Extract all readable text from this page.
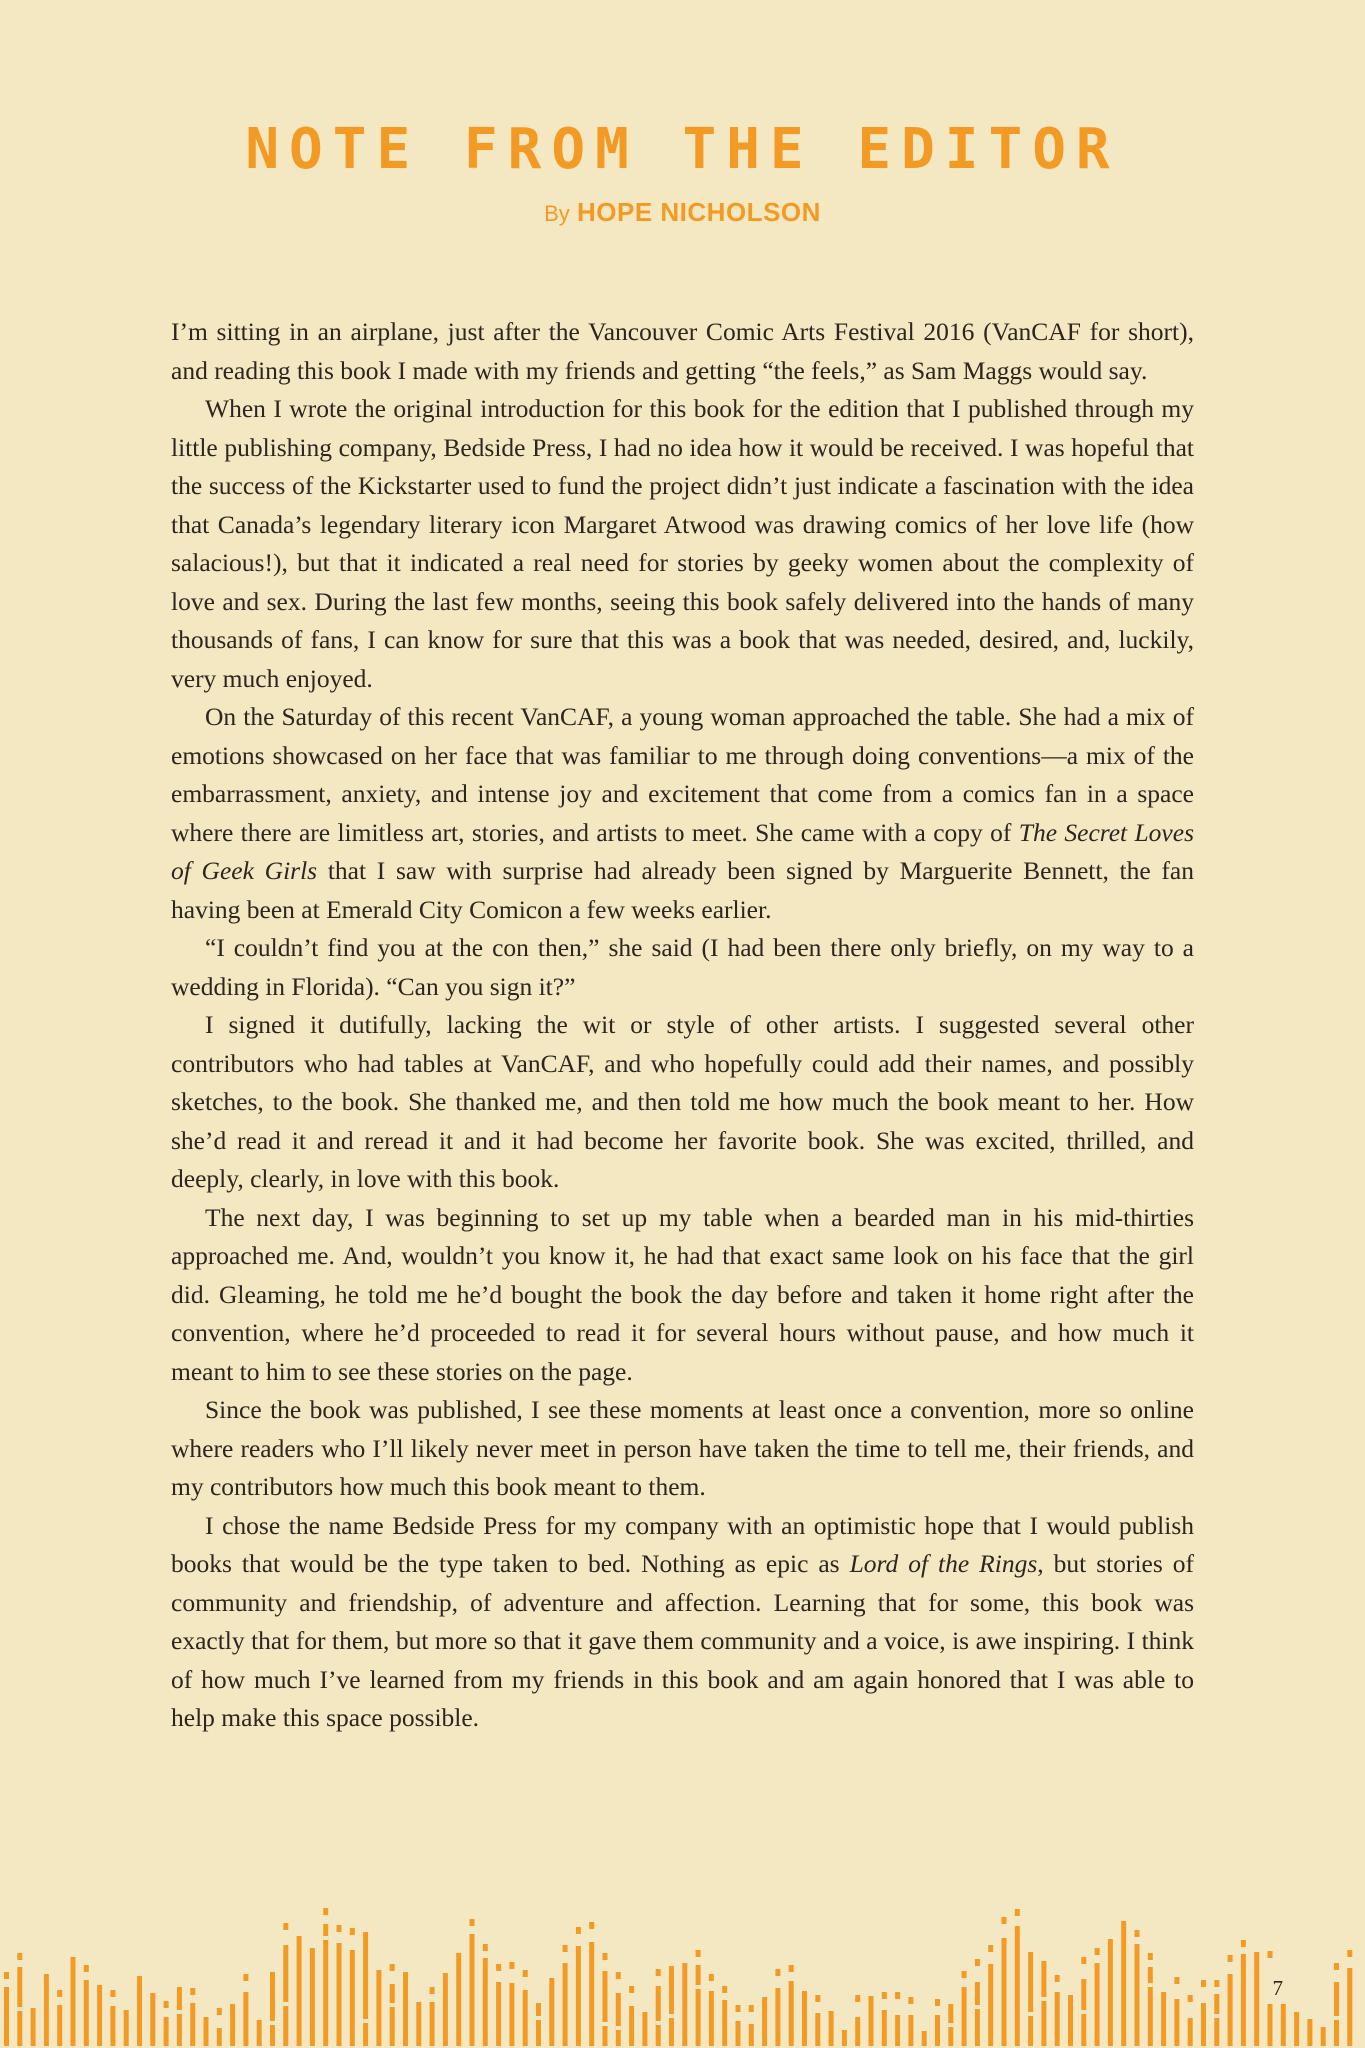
NOTE FROM THE EDITOR
By HOPE NICHOLSON

I’m sitting in an airplane, just after the Vancouver Comic Arts Festival 2016 (VanCAF for short), and reading this book I made with my friends and getting “the feels,” as Sam Maggs would say.

When I wrote the original introduction for this book for the edition that I published through my little publishing company, Bedside Press, I had no idea how it would be received. I was hopeful that the success of the Kickstarter used to fund the project didn’t just indicate a fascination with the idea that Canada’s legendary literary icon Margaret Atwood was drawing comics of her love life (how salacious!), but that it indicated a real need for stories by geeky women about the complexity of love and sex. During the last few months, seeing this book safely delivered into the hands of many thousands of fans, I can know for sure that this was a book that was needed, desired, and, luckily, very much enjoyed.

On the Saturday of this recent VanCAF, a young woman approached the table. She had a mix of emotions showcased on her face that was familiar to me through doing conventions—a mix of the embarrassment, anxiety, and intense joy and excitement that come from a comics fan in a space where there are limitless art, stories, and artists to meet. She came with a copy of The Secret Loves of Geek Girls that I saw with surprise had already been signed by Marguerite Bennett, the fan having been at Emerald City Comicon a few weeks earlier.

“I couldn’t find you at the con then,” she said (I had been there only briefly, on my way to a wedding in Florida). “Can you sign it?”

I signed it dutifully, lacking the wit or style of other artists. I suggested several other contributors who had tables at VanCAF, and who hopefully could add their names, and possibly sketches, to the book. She thanked me, and then told me how much the book meant to her. How she’d read it and reread it and it had become her favorite book. She was excited, thrilled, and deeply, clearly, in love with this book.

The next day, I was beginning to set up my table when a bearded man in his mid-thirties approached me. And, wouldn’t you know it, he had that exact same look on his face that the girl did. Gleaming, he told me he’d bought the book the day before and taken it home right after the convention, where he’d proceeded to read it for several hours without pause, and how much it meant to him to see these stories on the page.

Since the book was published, I see these moments at least once a convention, more so online where readers who I’ll likely never meet in person have taken the time to tell me, their friends, and my contributors how much this book meant to them.

I chose the name Bedside Press for my company with an optimistic hope that I would publish books that would be the type taken to bed. Nothing as epic as Lord of the Rings, but stories of community and friendship, of adventure and affection. Learning that for some, this book was exactly that for them, but more so that it gave them community and a voice, is awe inspiring. I think of how much I’ve learned from my friends in this book and am again honored that I was able to help make this space possible.

7
